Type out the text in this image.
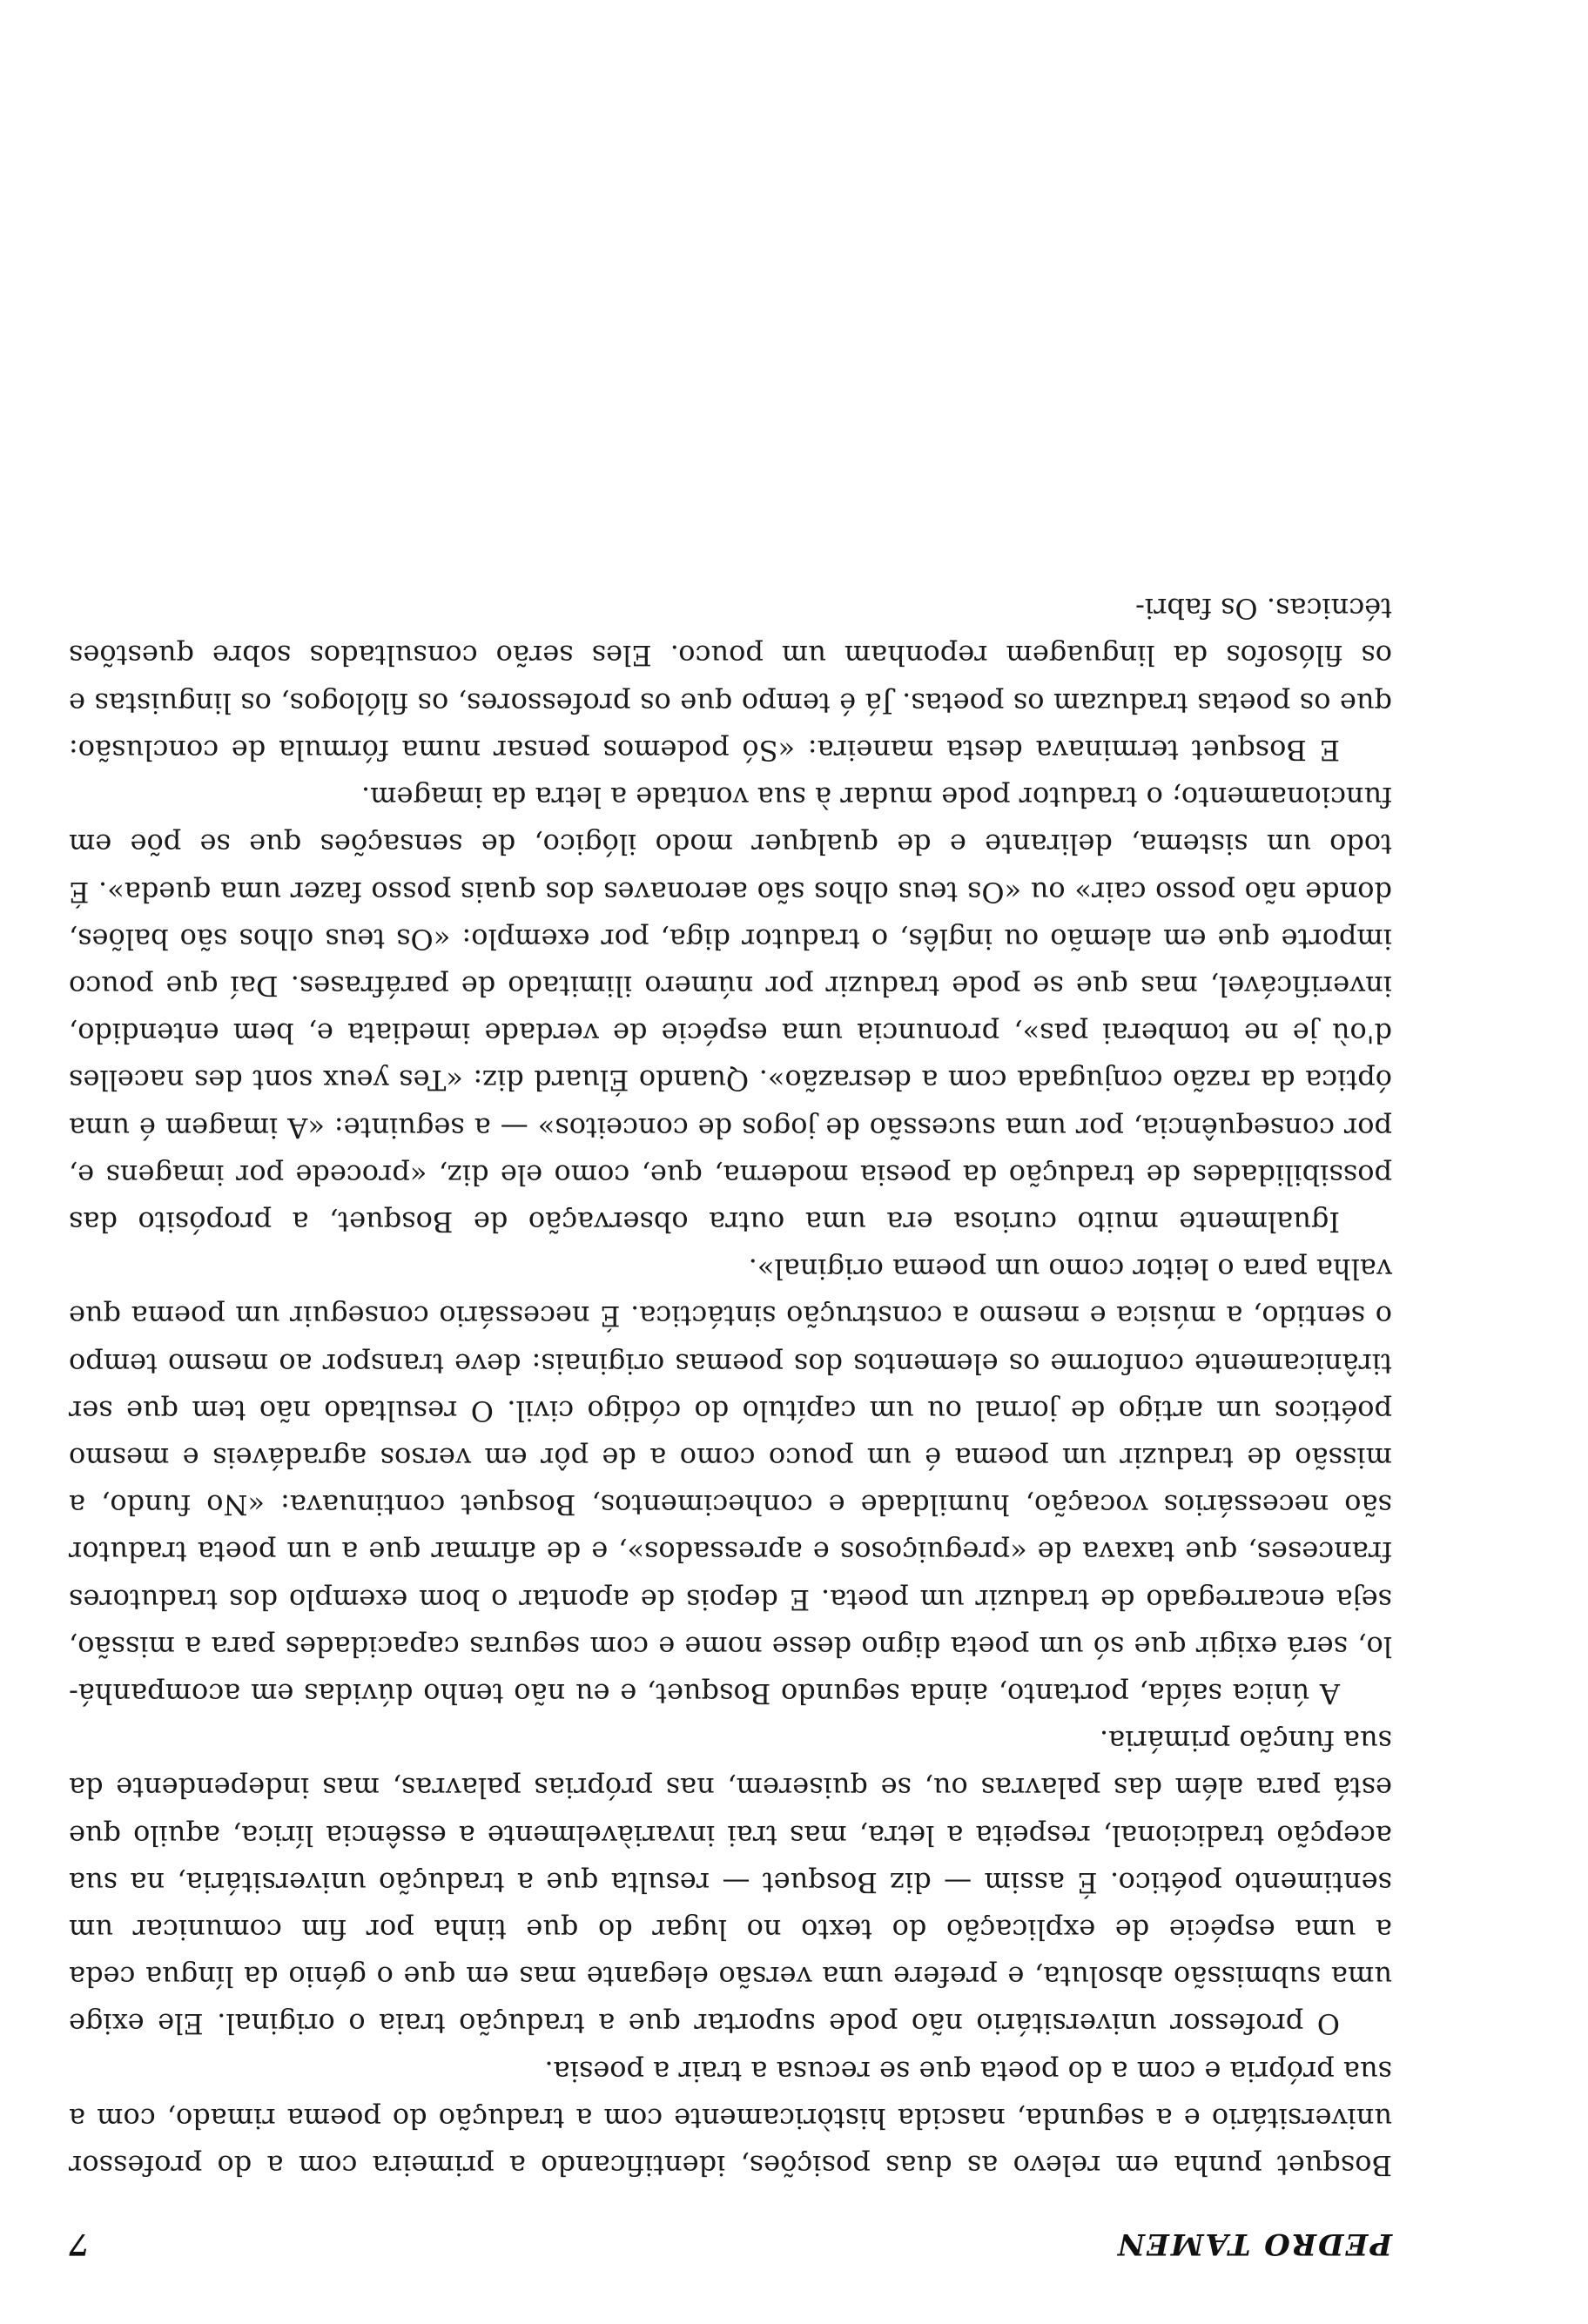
PEDRO TAMEN
7

Bosquet punha em relevo as duas posições, identificando a primeira com a do professor universitário e a segunda, nascida històricamente com a tradução do poema rimado, com a sua própria e com a do poeta que se recusa a trair a poesia.

O professor universitário não pode suportar que a tradução traia o original. Ele exige uma submissão absoluta, e prefere uma versão elegante mas em que o génio da língua ceda a uma espécie de explicação do texto no lugar do que tinha por fim comunicar um sentimento poético. É assim — diz Bosquet — resulta que a tradução universitária, na sua acepção tradicional, respeita a letra, mas trai invariàvelmente a essência lírica, aquilo que está para além das palavras ou, se quiserem, nas próprias palavras, mas independente da sua função primária.

A única saída, portanto, ainda segundo Bosquet, e eu não tenho dúvidas em acompanhá-lo, será exigir que só um poeta digno desse nome e com seguras capacidades para a missão, seja encarregado de traduzir um poeta. E depois de apontar o bom exemplo dos tradutores franceses, que taxava de «preguiçosos e apressados», e de afirmar que a um poeta tradutor são necessários vocação, humildade e conhecimentos, Bosquet continuava: «No fundo, a missão de traduzir um poema é um pouco como a de pôr em versos agradáveis e mesmo poéticos um artigo de jornal ou um capítulo do código civil. O resultado não tem que ser tirânicamente conforme os elementos dos poemas originais: deve transpor ao mesmo tempo o sentido, a música e mesmo a construção sintáctica. É necessário conseguir um poema que valha para o leitor como um poema original».

Igualmente muito curiosa era uma outra observação de Bosquet, a propósito das possibilidades de tradução da poesia moderna, que, como ele diz, «procede por imagens e, por consequência, por uma sucessão de jogos de conceitos» — a seguinte: «A imagem é uma óptica da razão conjugada com a desrazão». Quando Éluard diz: «Tes yeux sont des nacelles d'où je ne tomberai pas», pronuncia uma espécie de verdade imediata e, bem entendido, inverificável, mas que se pode traduzir por número ilimitado de paráfrases. Daí que pouco importe que em alemão ou inglês, o tradutor diga, por exemplo: «Os teus olhos são balões, donde não posso cair» ou «Os teus olhos são aeronaves dos quais posso fazer uma queda». É todo um sistema, delirante e de qualquer modo ilógico, de sensações que se põe em funcionamento; o tradutor pode mudar à sua vontade a letra da imagem.

E Bosquet terminava desta maneira: «Só podemos pensar numa fórmula de conclusão: que os poetas traduzam os poetas. Já é tempo que os professores, os filólogos, os linguistas e os filósofos da linguagem reponham um pouco. Eles serão consultados sobre questões técnicas. Os fabri-
